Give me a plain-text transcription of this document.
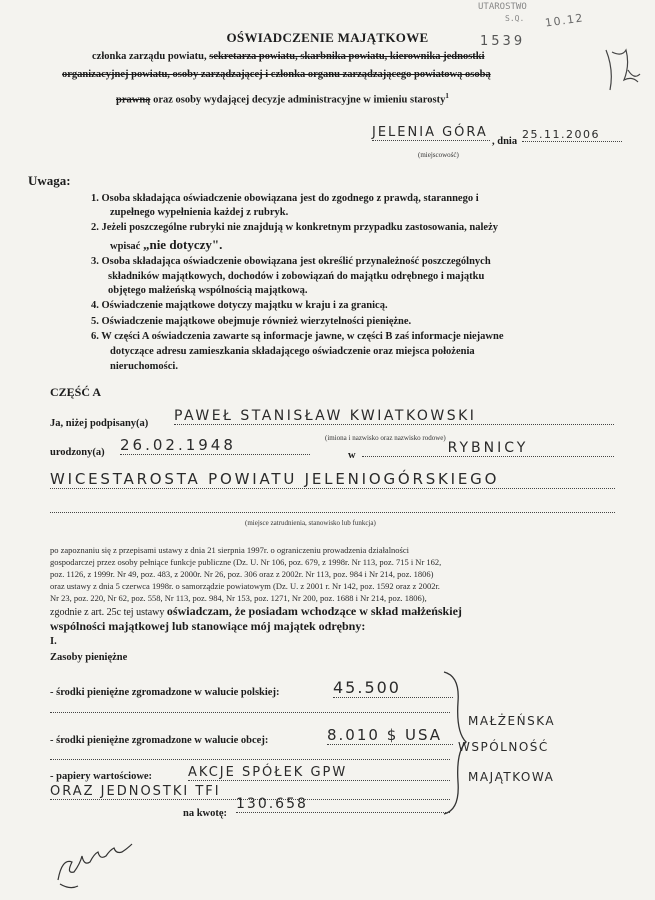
UTAROSTWO
S.Q. 10.12
1539
OŚWIADCZENIE MAJĄTKOWE
członka zarządu powiatu, sekretarza powiatu, skarbnika powiatu, kierownika jednostki
organizacyjnej powiatu, osoby zarządzającej i członka organu zarządzającego powiatową osobą
prawną oraz osoby wydającej decyzje administracyjne w imieniu starosty$^1$
JELENIA GÓRA
, dnia
25.11.2006
(miejscowość)
Uwaga:
1. Osoba składająca oświadczenie obowiązana jest do zgodnego z prawdą, starannego i
zupełnego wypełnienia każdej z rubryk.
2. Jeżeli poszczególne rubryki nie znajdują w konkretnym przypadku zastosowania, należy
wpisać „nie dotyczy".
3. Osoba składająca oświadczenie obowiązana jest określić przynależność poszczególnych
składników majątkowych, dochodów i zobowiązań do majątku odrębnego i majątku
objętego małżeńską wspólnością majątkową.
4. Oświadczenie majątkowe dotyczy majątku w kraju i za granicą.
5. Oświadczenie majątkowe obejmuje również wierzytelności pieniężne.
6. W części A oświadczenia zawarte są informacje jawne, w części B zaś informacje niejawne
dotyczące adresu zamieszkania składającego oświadczenie oraz miejsca położenia
nieruchomości.
CZĘŚĆ A
Ja, niżej podpisany(a) PAWEŁ STANISŁAW KWIATKOWSKI
(imiona i nazwisko oraz nazwisko rodowe)
urodzony(a) 26.02.1948
w	RYBNICY
WICESTAROSTA POWIATU JELENIOGÓRSKIEGO
(miejsce zatrudnienia, stanowisko lub funkcja)
po zapoznaniu się z przepisami ustawy z dnia 21 sierpnia 1997r. o ograniczeniu prowadzenia działalności
gospodarczej przez osoby pełniące funkcje publiczne (Dz. U. Nr 106, poz. 679, z 1998r. Nr 113, poz. 715 i Nr 162,
poz. 1126, z 1999r. Nr 49, poz. 483, z 2000r. Nr 26, poz. 306 oraz z 2002r. Nr 113, poz. 984 i Nr 214, poz. 1806)
oraz ustawy z dnia 5 czerwca 1998r. o samorządzie powiatowym (Dz. U. z 2001 r. Nr 142, poz. 1592 oraz z 2002r.
Nr 23, poz. 220, Nr 62, poz. 558, Nr 113, poz. 984, Nr 153, poz. 1271, Nr 200, poz. 1688 i Nr 214, poz. 1806),
zgodnie z art. 25c tej ustawy oświadczam, że posiadam wchodzące w skład małżeńskiej
wspólności majątkowej lub stanowiące mój majątek odrębny:
I.
Zasoby pieniężne
- środki pieniężne zgromadzone w walucie polskiej:	45.500
- środki pieniężne zgromadzone w walucie obcej:	8.010 $ USA
- papiery wartościowe:	AKCJE SPÓŁEK GPW
ORAZ JEDNOSTKI TFI
na kwotę:
130.658
MAŁŻEŃSKA
WSPÓLNOŚĆ
MAJĄTKOWA
